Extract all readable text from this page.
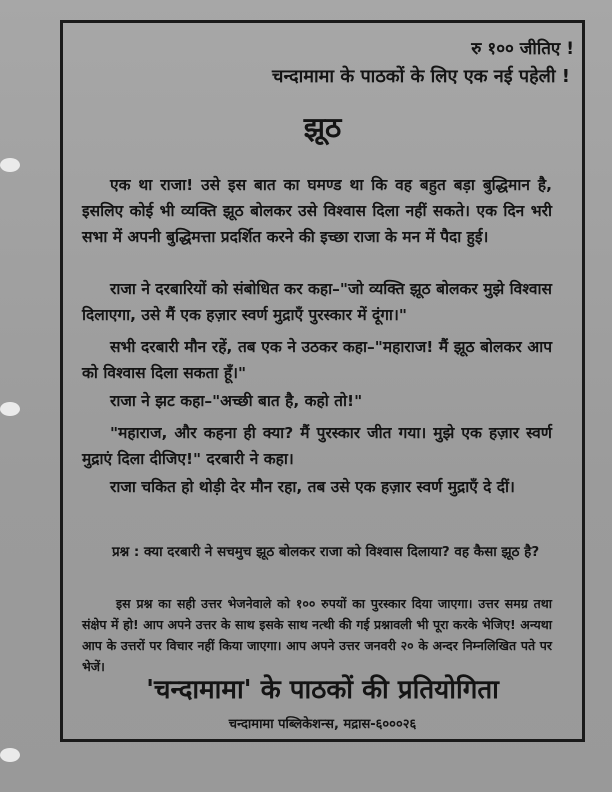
रु १०० जीतिए !
चन्दामामा के पाठकों के लिए एक नई पहेली !
झूठ

एक था राजा! उसे इस बात का घमण्ड था कि वह बहुत बड़ा बुद्धिमान है, इसलिए कोई भी व्यक्ति झूठ बोलकर उसे विश्वास दिला नहीं सकते। एक दिन भरी सभा में अपनी बुद्धिमत्ता प्रदर्शित करने की इच्छा राजा के मन में पैदा हुई।

राजा ने दरबारियों को संबोधित कर कहा–"जो व्यक्ति झूठ बोलकर मुझे विश्वास दिलाएगा, उसे मैं एक हज़ार स्वर्ण मुद्राएँ पुरस्कार में दूंगा।"

सभी दरबारी मौन रहें, तब एक ने उठकर कहा–"महाराज! मैं झूठ बोलकर आप को विश्वास दिला सकता हूँ।"

राजा ने झट कहा–"अच्छी बात है, कहो तो!"

"महाराज, और कहना ही क्या? मैं पुरस्कार जीत गया। मुझे एक हज़ार स्वर्ण मुद्राएं दिला दीजिए!" दरबारी ने कहा।

राजा चकित हो थोड़ी देर मौन रहा, तब उसे एक हज़ार स्वर्ण मुद्राएँ दे दीं।

प्रश्न : क्या दरबारी ने सचमुच झूठ बोलकर राजा को विश्वास दिलाया? वह कैसा झूठ है?

इस प्रश्न का सही उत्तर भेजनेवाले को १०० रुपयों का पुरस्कार दिया जाएगा। उत्तर समग्र तथा संक्षेप में हो! आप अपने उत्तर के साथ इसके साथ नत्थी की गई प्रश्नावली भी पूरा करके भेजिए! अन्यथा आप के उत्तरों पर विचार नहीं किया जाएगा। आप अपने उत्तर जनवरी २० के अन्दर निम्नलिखित पते पर भेजें।

'चन्दामामा' के पाठकों की प्रतियोगिता
चन्दामामा पब्लिकेशन्स, मद्रास-६०००२६
